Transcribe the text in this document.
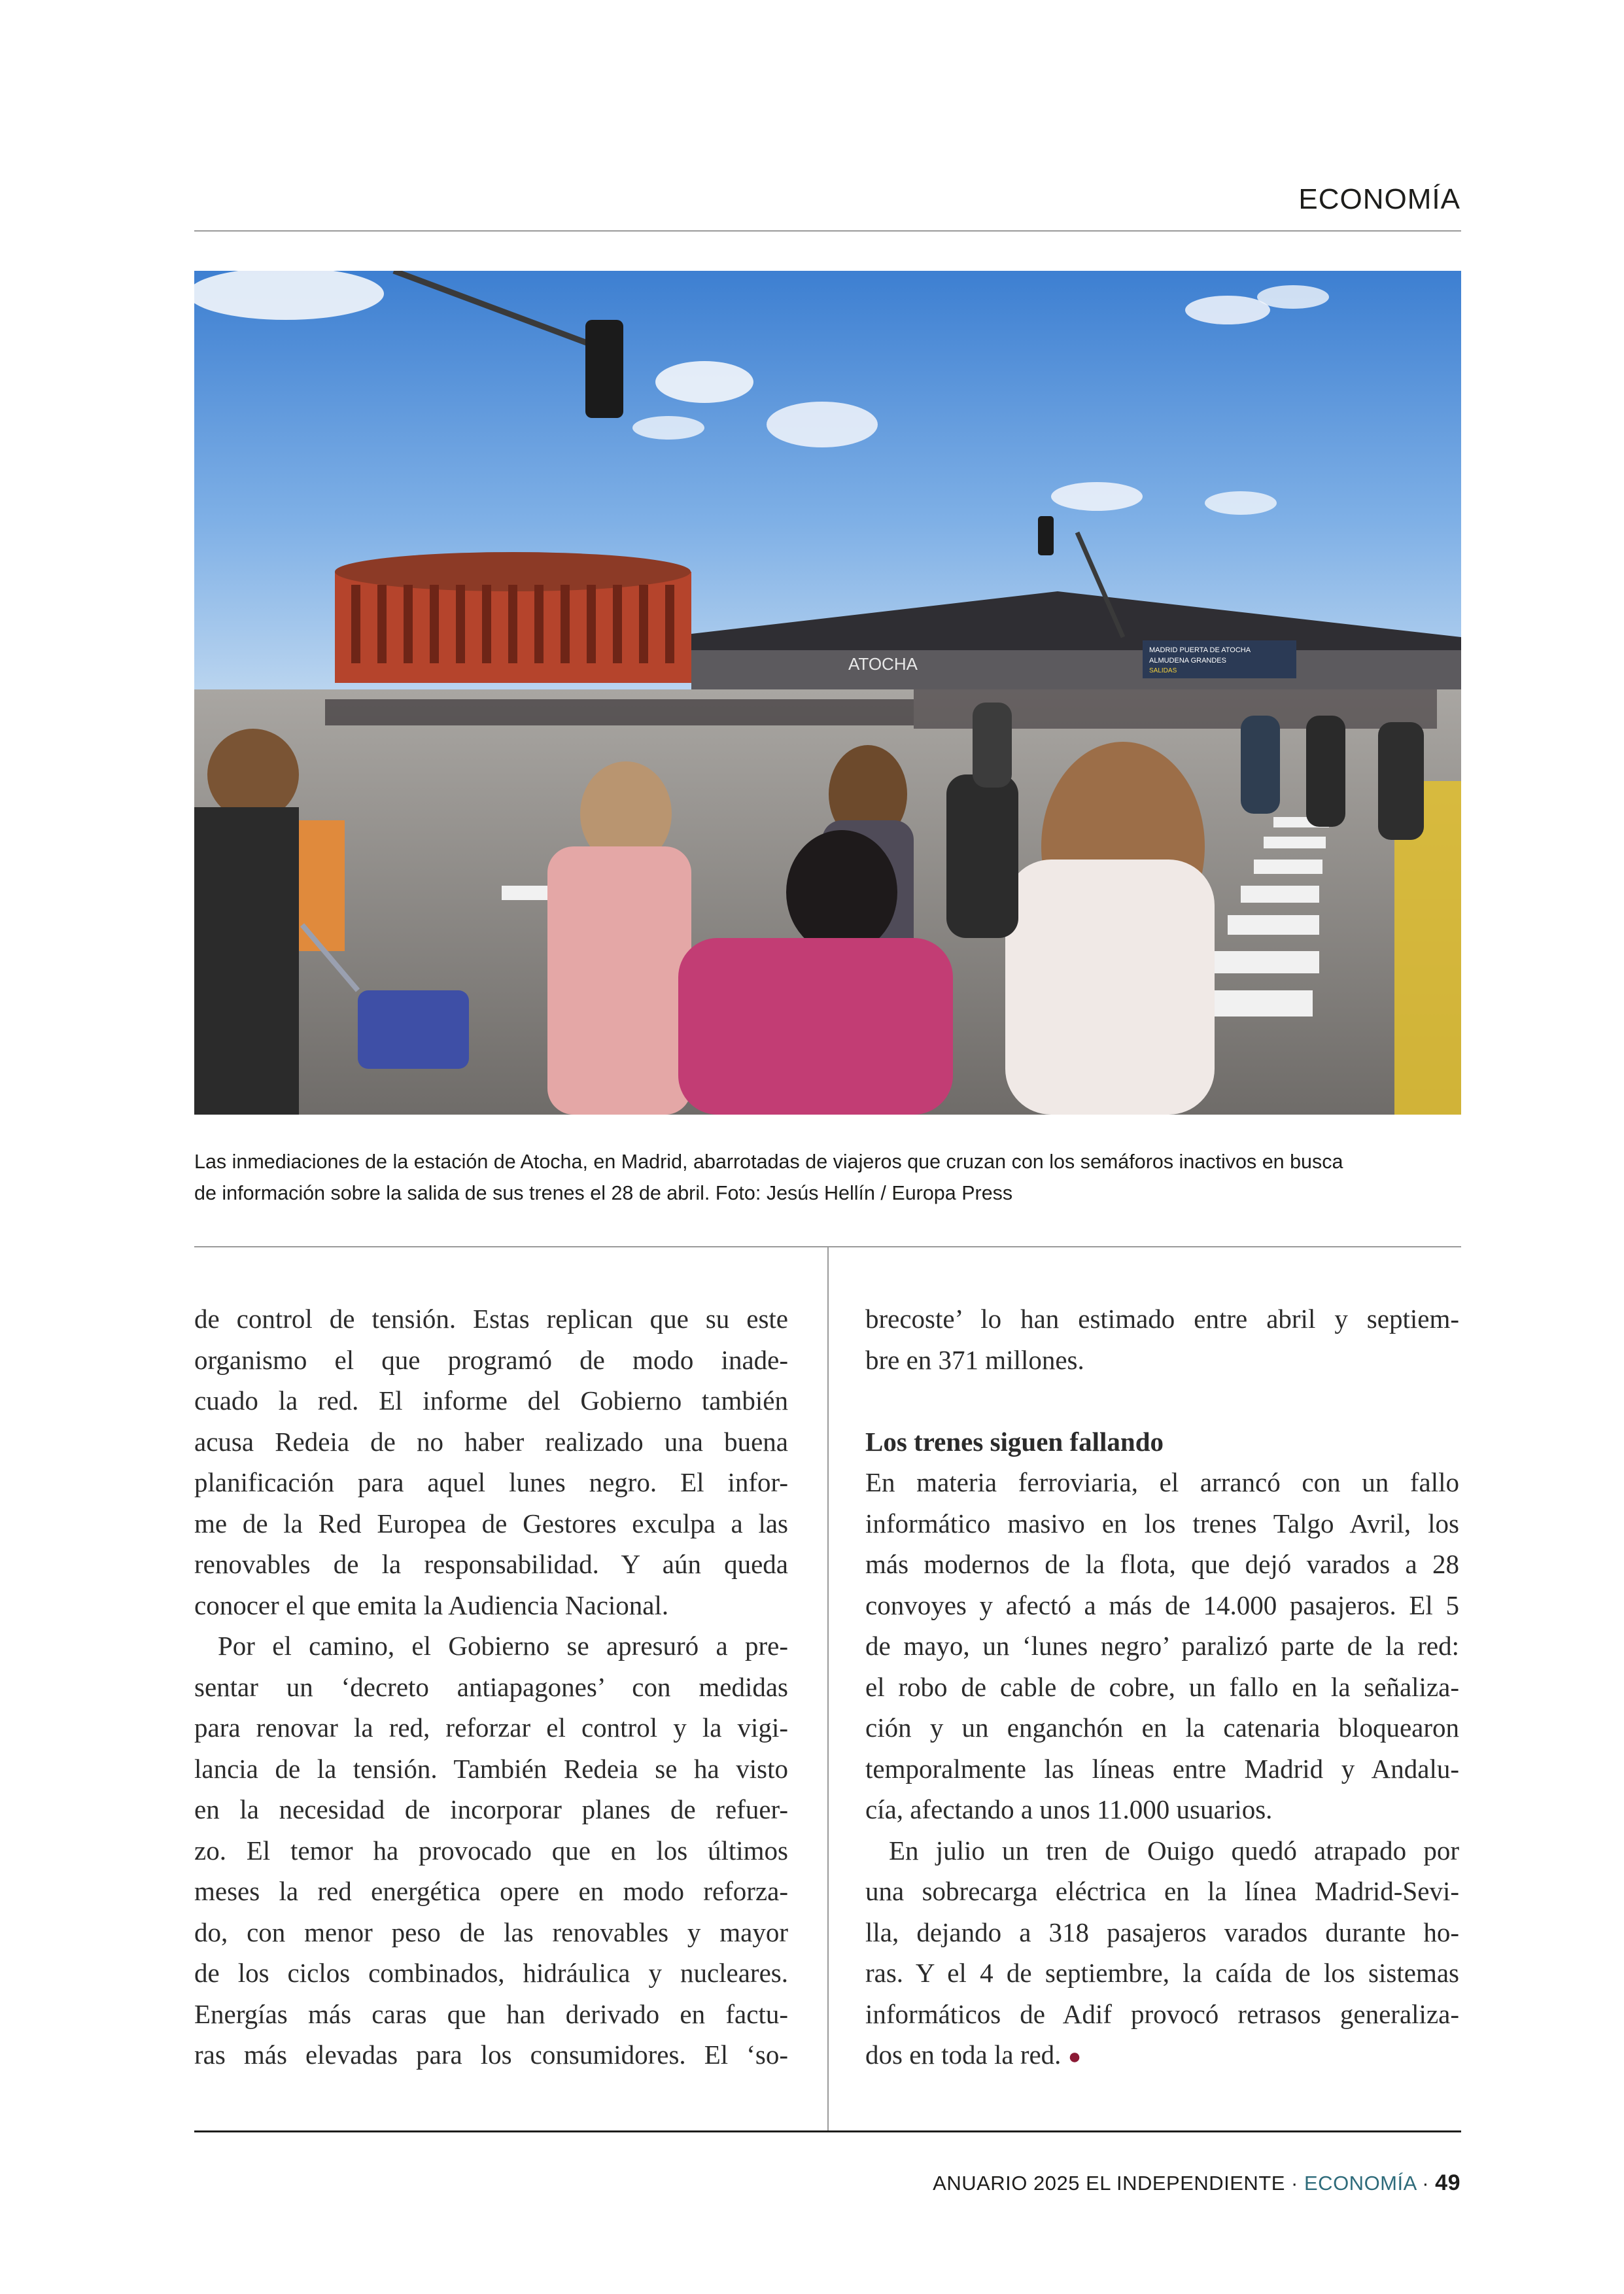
ECONOMÍA
ATOCHA
MADRID PUERTA DE ATOCHA
ALMUDENA GRANDES
SALIDAS

Las inmediaciones de la estación de Atocha, en Madrid, abarrotadas de viajeros que cruzan con los semáforos inactivos en busca

de información sobre la salida de sus trenes el 28 de abril. Foto: Jesús Hellín / Europa Press

de control de tensión. Estas replican que su este
organismo el que programó de modo inade-
cuado la red. El informe del Gobierno también
acusa Redeia de no haber realizado una buena
planificación para aquel lunes negro. El infor-
me de la Red Europea de Gestores exculpa a las
renovables de la responsabilidad. Y aún queda
conocer el que emita la Audiencia Nacional.
Por el camino, el Gobierno se apresuró a pre-
sentar un ‘decreto antiapagones’ con medidas
para renovar la red, reforzar el control y la vigi-
lancia de la tensión. También Redeia se ha visto
en la necesidad de incorporar planes de refuer-
zo. El temor ha provocado que en los últimos
meses la red energética opere en modo reforza-
do, con menor peso de las renovables y mayor
de los ciclos combinados, hidráulica y nucleares.
Energías más caras que han derivado en factu-
ras más elevadas para los consumidores. El ‘so-
brecoste’ lo han estimado entre abril y septiem-
bre en 371 millones.
Los trenes siguen fallando
En materia ferroviaria, el arrancó con un fallo
informático masivo en los trenes Talgo Avril, los
más modernos de la flota, que dejó varados a 28
convoyes y afectó a más de 14.000 pasajeros. El 5
de mayo, un ‘lunes negro’ paralizó parte de la red:
el robo de cable de cobre, un fallo en la señaliza-
ción y un enganchón en la catenaria bloquearon
temporalmente las líneas entre Madrid y Andalu-
cía, afectando a unos 11.000 usuarios.
En julio un tren de Ouigo quedó atrapado por
una sobrecarga eléctrica en la línea Madrid-Sevi-
lla, dejando a 318 pasajeros varados durante ho-
ras. Y el 4 de septiembre, la caída de los sistemas
informáticos de Adif provocó retrasos generaliza-
dos en toda la red. ●
ANUARIO 2025 EL INDEPENDIENTE · ECONOMÍA · 49
